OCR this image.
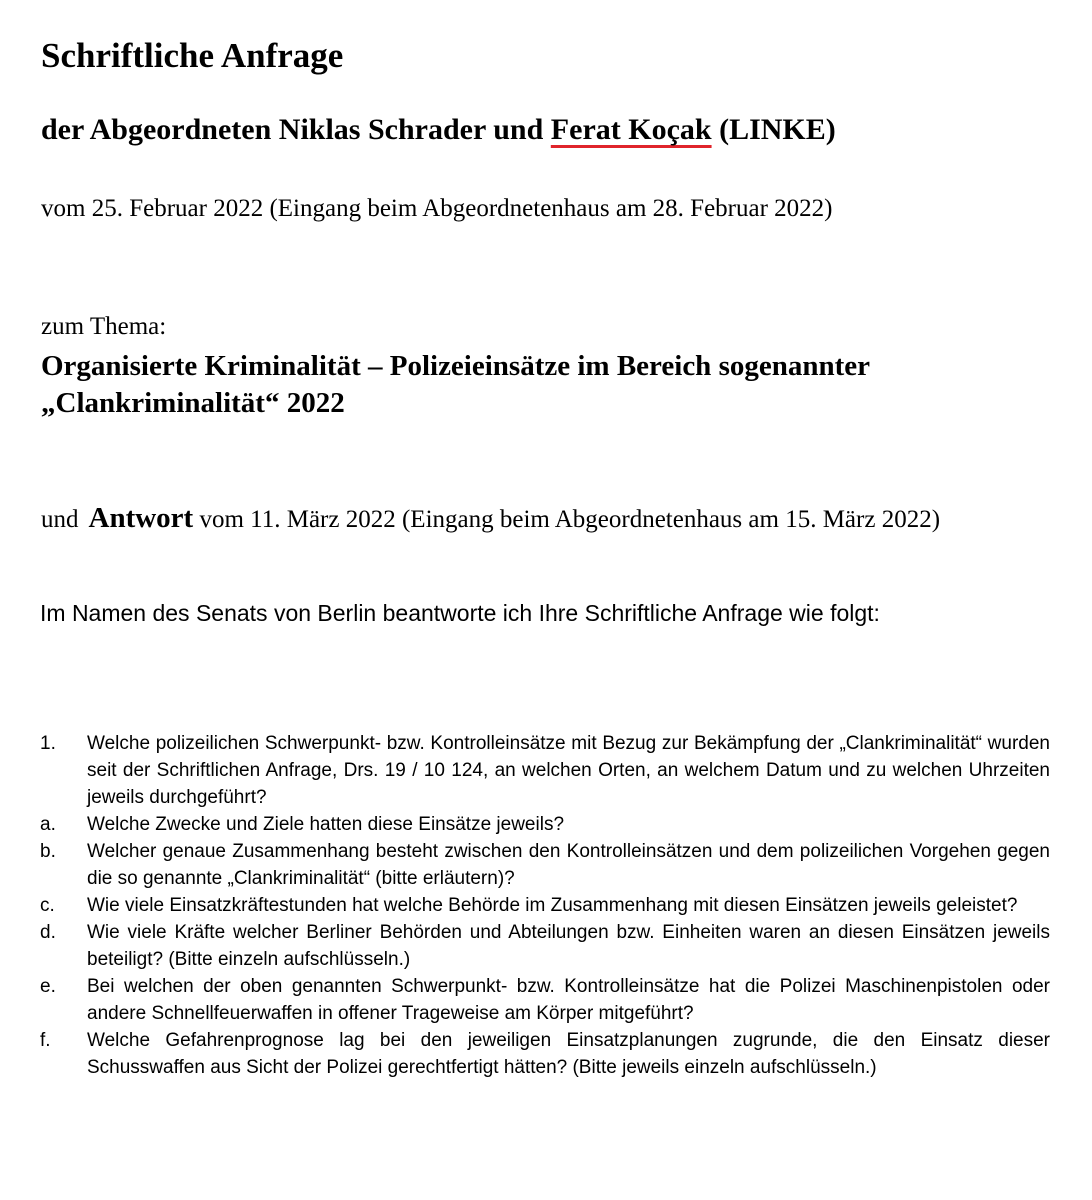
Schriftliche Anfrage

der Abgeordneten Niklas Schrader und Ferat Koçak (LINKE)

vom 25. Februar 2022 (Eingang beim Abgeordnetenhaus am 28. Februar 2022)

zum Thema:

Organisierte Kriminalität – Polizeieinsätze im Bereich sogenannter „Clankriminalität“ 2022

und Antwort vom 11. März 2022 (Eingang beim Abgeordnetenhaus am 15. März 2022)

Im Namen des Senats von Berlin beantworte ich Ihre Schriftliche Anfrage wie folgt:

1.	Welche polizeilichen Schwerpunkt- bzw. Kontrolleinsätze mit Bezug zur Bekämpfung der „Clankriminalität“ wurden seit der Schriftlichen Anfrage, Drs. 19 / 10 124, an welchen Orten, an welchem Datum und zu welchen Uhrzeiten jeweils durchgeführt?
a.	Welche Zwecke und Ziele hatten diese Einsätze jeweils?
b.	Welcher genaue Zusammenhang besteht zwischen den Kontrolleinsätzen und dem polizeilichen Vorgehen gegen die so genannte „Clankriminalität“ (bitte erläutern)?
c.	Wie viele Einsatzkräftestunden hat welche Behörde im Zusammenhang mit diesen Einsätzen jeweils geleistet?
d.	Wie viele Kräfte welcher Berliner Behörden und Abteilungen bzw. Einheiten waren an diesen Einsätzen jeweils beteiligt? (Bitte einzeln aufschlüsseln.)
e.	Bei welchen der oben genannten Schwerpunkt- bzw. Kontrolleinsätze hat die Polizei Maschinenpistolen oder andere Schnellfeuerwaffen in offener Trageweise am Körper mitgeführt?
f.	Welche Gefahrenprognose lag bei den jeweiligen Einsatzplanungen zugrunde, die den Einsatz dieser Schusswaffen aus Sicht der Polizei gerechtfertigt hätten? (Bitte jeweils einzeln aufschlüsseln.)
